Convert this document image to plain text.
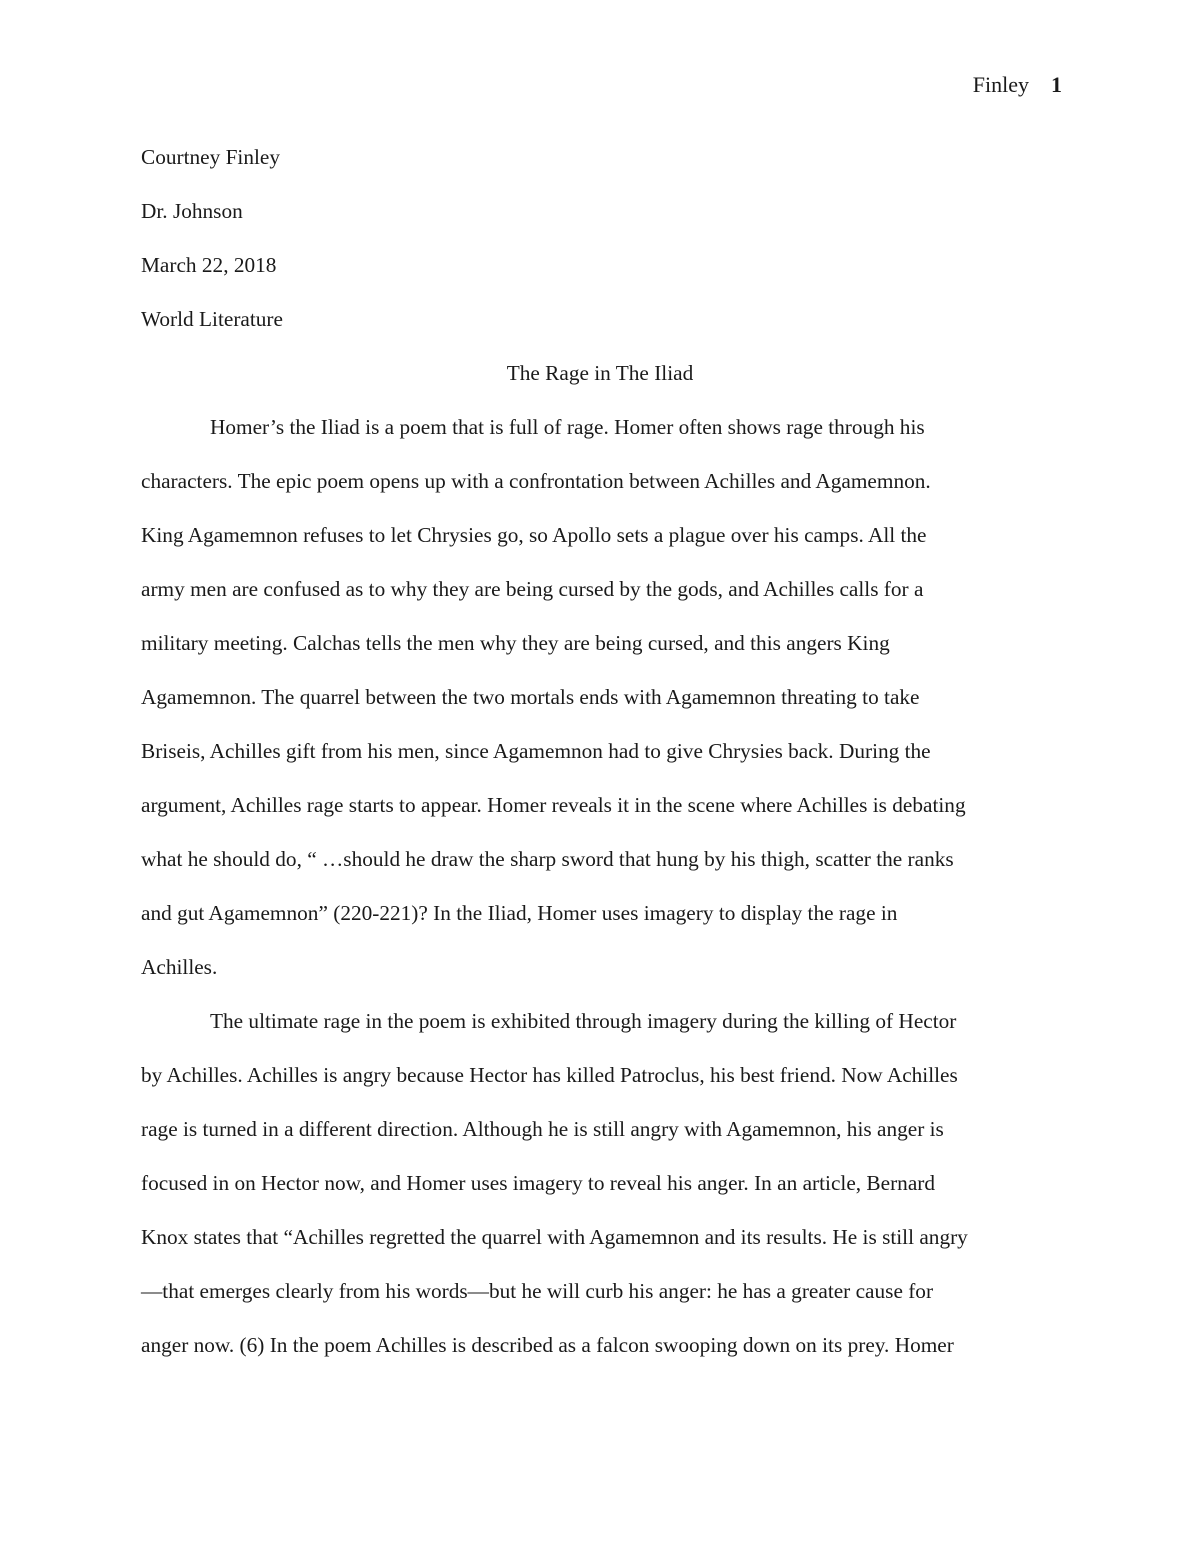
Finley 1
Courtney Finley
Dr. Johnson
March 22, 2018
World Literature
The Rage in The Iliad
Homer’s the Iliad is a poem that is full of rage. Homer often shows rage through his
characters. The epic poem opens up with a confrontation between Achilles and Agamemnon.
King Agamemnon refuses to let Chrysies go, so Apollo sets a plague over his camps. All the
army men are confused as to why they are being cursed by the gods, and Achilles calls for a
military meeting. Calchas tells the men why they are being cursed, and this angers King
Agamemnon. The quarrel between the two mortals ends with Agamemnon threating to take
Briseis, Achilles gift from his men, since Agamemnon had to give Chrysies back. During the
argument, Achilles rage starts to appear. Homer reveals it in the scene where Achilles is debating
what he should do, “ …should he draw the sharp sword that hung by his thigh, scatter the ranks
and gut Agamemnon” (220-221)? In the Iliad, Homer uses imagery to display the rage in
Achilles.
The ultimate rage in the poem is exhibited through imagery during the killing of Hector
by Achilles. Achilles is angry because Hector has killed Patroclus, his best friend. Now Achilles
rage is turned in a different direction. Although he is still angry with Agamemnon, his anger is
focused in on Hector now, and Homer uses imagery to reveal his anger. In an article, Bernard
Knox states that “Achilles regretted the quarrel with Agamemnon and its results. He is still angry
—that emerges clearly from his words—but he will curb his anger: he has a greater cause for
anger now. (6) In the poem Achilles is described as a falcon swooping down on its prey. Homer
